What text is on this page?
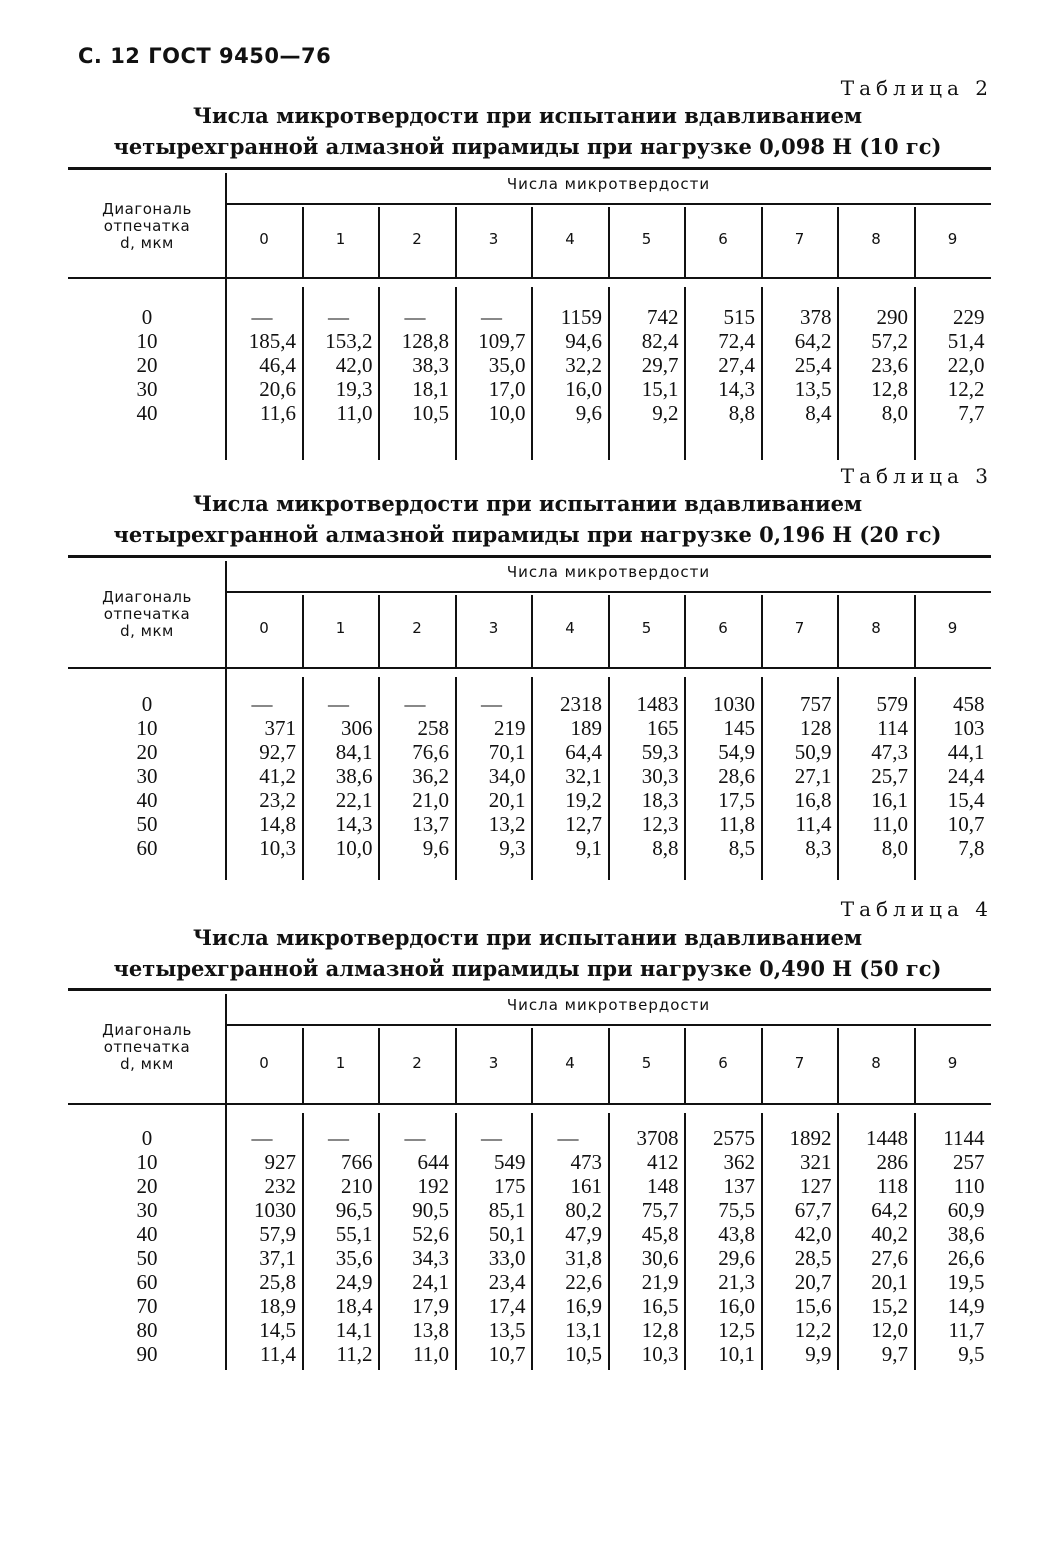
С. 12 ГОСТ 9450—76
Таблица 2
Числа микротвердости при испытании вдавливанием
четырехгранной алмазной пирамиды при нагрузке 0,098 Н (10 гс)
Числа микротвердости
Диагональ
отпечатка
d, мкм	0	1	2	3	4	5	6	7	8	9
0	—	—	—	—	1159	742	515	378	290	229
10	185,4	153,2	128,8	109,7	94,6	82,4	72,4	64,2	57,2	51,4
20	46,4	42,0	38,3	35,0	32,2	29,7	27,4	25,4	23,6	22,0
30	20,6	19,3	18,1	17,0	16,0	15,1	14,3	13,5	12,8	12,2
40	11,6	11,0	10,5	10,0	9,6	9,2	8,8	8,4	8,0	7,7
Таблица 3
Числа микротвердости при испытании вдавливанием
четырехгранной алмазной пирамиды при нагрузке 0,196 Н (20 гс)
Числа микротвердости
Диагональ
отпечатка
d, мкм	0	1	2	3	4	5	6	7	8	9
0	—	—	—	—	2318	1483	1030	757	579	458
10	371	306	258	219	189	165	145	128	114	103
20	92,7	84,1	76,6	70,1	64,4	59,3	54,9	50,9	47,3	44,1
30	41,2	38,6	36,2	34,0	32,1	30,3	28,6	27,1	25,7	24,4
40	23,2	22,1	21,0	20,1	19,2	18,3	17,5	16,8	16,1	15,4
50	14,8	14,3	13,7	13,2	12,7	12,3	11,8	11,4	11,0	10,7
60	10,3	10,0	9,6	9,3	9,1	8,8	8,5	8,3	8,0	7,8
Таблица 4
Числа микротвердости при испытании вдавливанием
четырехгранной алмазной пирамиды при нагрузке 0,490 Н (50 гс)
Числа микротвердости
Диагональ
отпечатка
d, мкм	0	1	2	3	4	5	6	7	8	9
0	—	—	—	—	—	3708	2575	1892	1448	1144
10	927	766	644	549	473	412	362	321	286	257
20	232	210	192	175	161	148	137	127	118	110
30	1030	96,5	90,5	85,1	80,2	75,7	75,5	67,7	64,2	60,9
40	57,9	55,1	52,6	50,1	47,9	45,8	43,8	42,0	40,2	38,6
50	37,1	35,6	34,3	33,0	31,8	30,6	29,6	28,5	27,6	26,6
60	25,8	24,9	24,1	23,4	22,6	21,9	21,3	20,7	20,1	19,5
70	18,9	18,4	17,9	17,4	16,9	16,5	16,0	15,6	15,2	14,9
80	14,5	14,1	13,8	13,5	13,1	12,8	12,5	12,2	12,0	11,7
90	11,4	11,2	11,0	10,7	10,5	10,3	10,1	9,9	9,7	9,5
